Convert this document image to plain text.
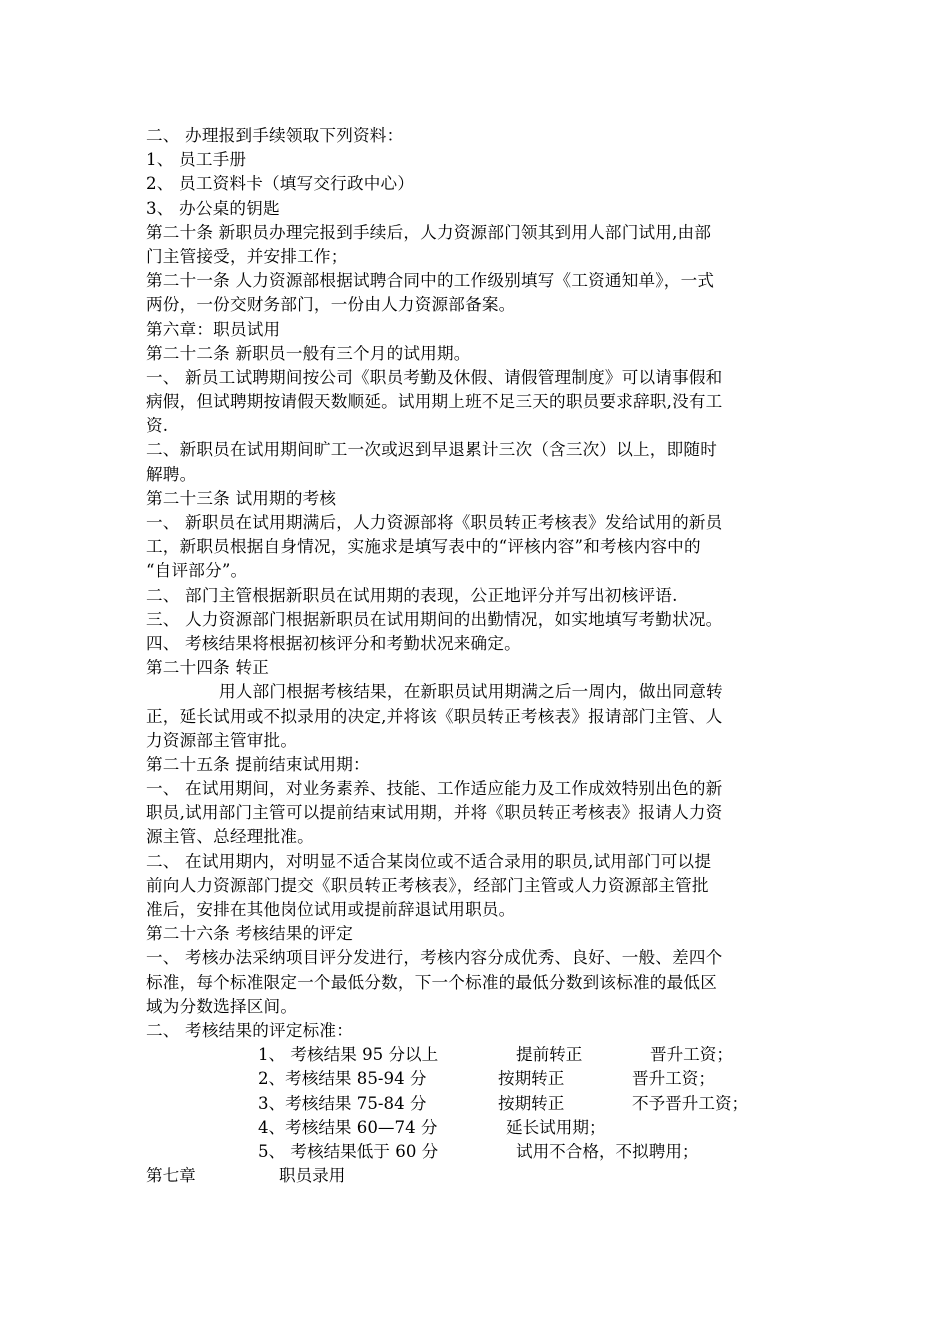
二、 办理报到手续领取下列资料：
1、 员工手册
2、 员工资料卡（填写交行政中心）
3、 办公桌的钥匙
第二十条 新职员办理完报到手续后，人力资源部门领其到用人部门试用,由部
门主管接受，并安排工作；
第二十一条 人力资源部根据试聘合同中的工作级别填写《工资通知单》，一式
两份，一份交财务部门，一份由人力资源部备案。
第六章：职员试用
第二十二条 新职员一般有三个月的试用期。
一、 新员工试聘期间按公司《职员考勤及休假、请假管理制度》可以请事假和
病假，但试聘期按请假天数顺延。试用期上班不足三天的职员要求辞职,没有工
资.
二、新职员在试用期间旷工一次或迟到早退累计三次（含三次）以上，即随时
解聘。
第二十三条 试用期的考核
一、 新职员在试用期满后，人力资源部将《职员转正考核表》发给试用的新员
工，新职员根据自身情况，实施求是填写表中的“评核内容”和考核内容中的
“自评部分”。
二、 部门主管根据新职员在试用期的表现，公正地评分并写出初核评语.
三、 人力资源部门根据新职员在试用期间的出勤情况，如实地填写考勤状况。
四、 考核结果将根据初核评分和考勤状况来确定。
第二十四条 转正
用人部门根据考核结果，在新职员试用期满之后一周内，做出同意转
正，延长试用或不拟录用的决定,并将该《职员转正考核表》报请部门主管、人
力资源部主管审批。
第二十五条 提前结束试用期：
一、 在试用期间，对业务素养、技能、工作适应能力及工作成效特别出色的新
职员,试用部门主管可以提前结束试用期，并将《职员转正考核表》报请人力资
源主管、总经理批准。
二、 在试用期内，对明显不适合某岗位或不适合录用的职员,试用部门可以提
前向人力资源部门提交《职员转正考核表》，经部门主管或人力资源部主管批
准后，安排在其他岗位试用或提前辞退试用职员。
第二十六条 考核结果的评定
一、 考核办法采纳项目评分发进行，考核内容分成优秀、良好、一般、差四个
标准，每个标准限定一个最低分数，下一个标准的最低分数到该标准的最低区
域为分数选择区间。
二、 考核结果的评定标准：
1、 考核结果 95 分以上	提前转正	晋升工资；
2、考核结果 85-94 分	按期转正	晋升工资；
3、考核结果 75-84 分	按期转正	不予晋升工资；
4、考核结果 60—74 分	延长试用期；
5、 考核结果低于 60 分	试用不合格，不拟聘用；
第七章	职员录用
